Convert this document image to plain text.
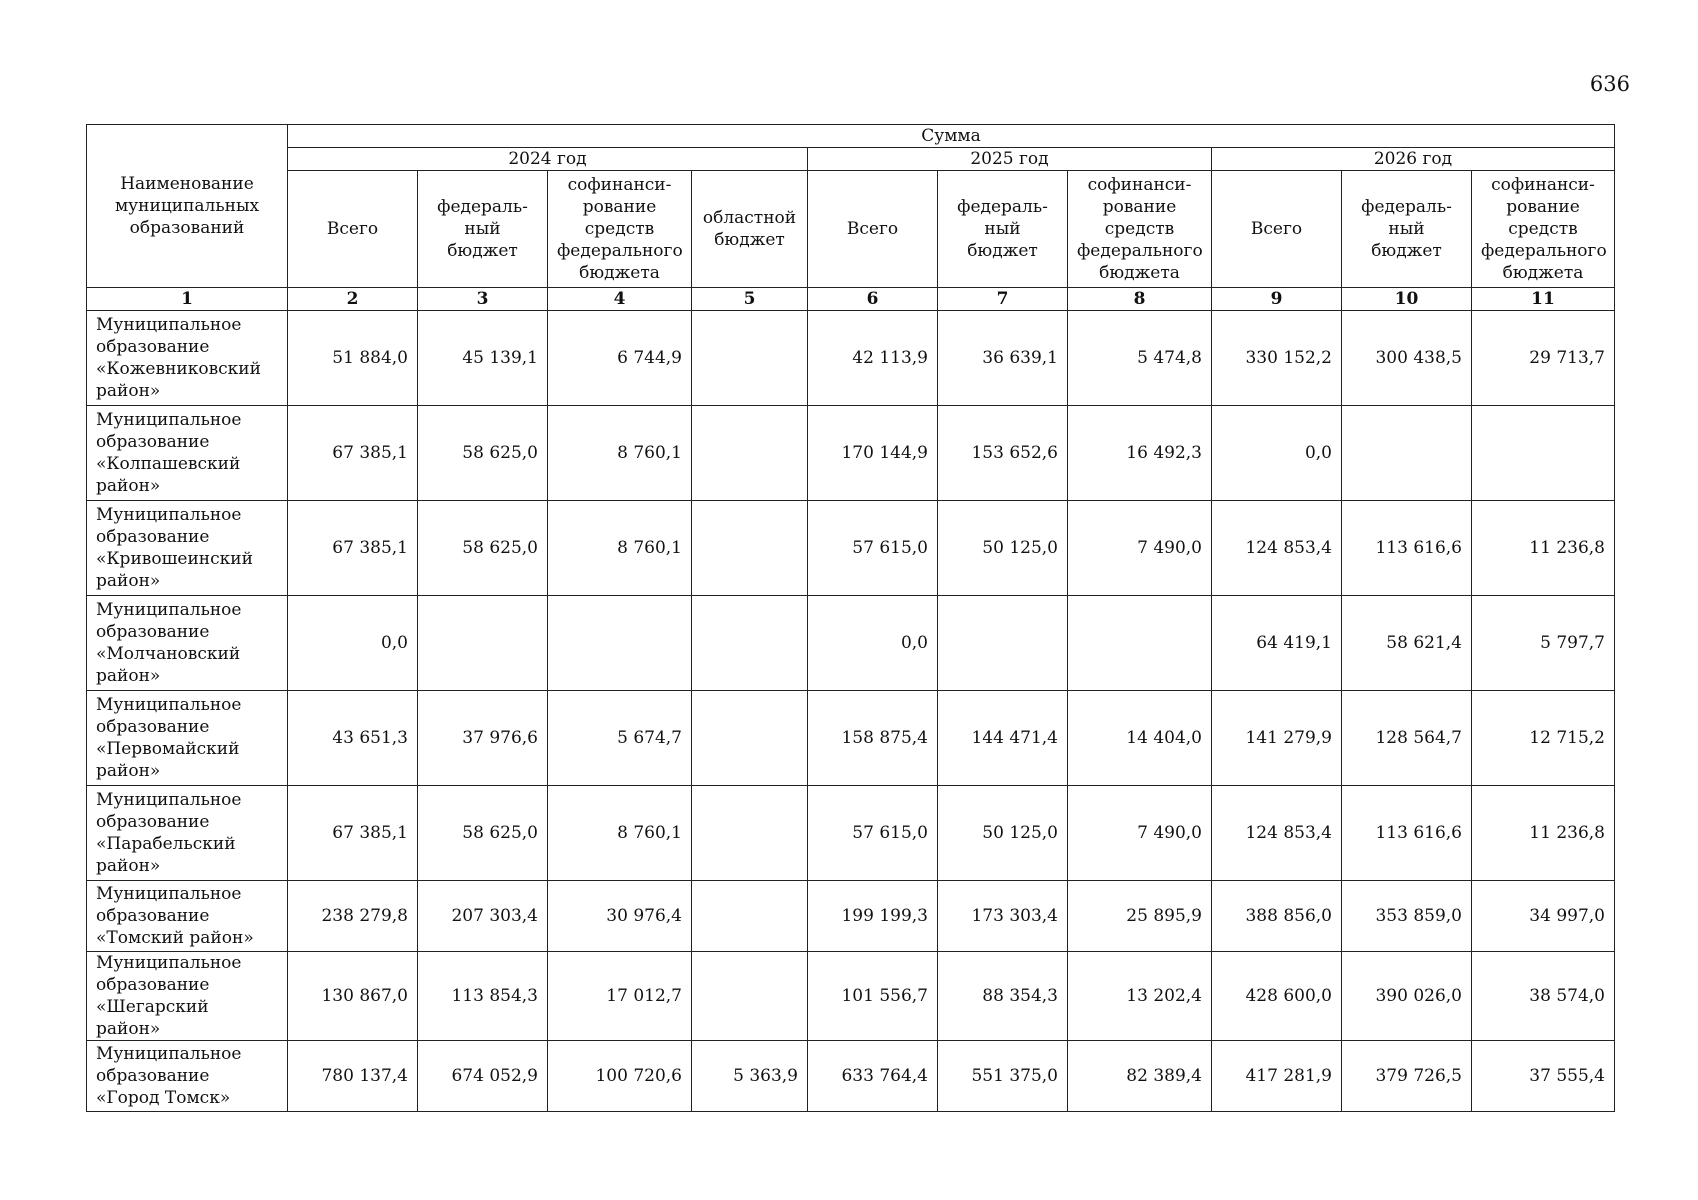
636
Наименование муниципальных образований	Сумма									
	2024 год				2025 год			2026 год		
	Всего	федераль-ный бюджет	софинанси-рование средств федерального бюджета	областной бюджет	Всего	федераль-ный бюджет	софинанси-рование средств федерального бюджета	Всего	федераль-ный бюджет	софинанси-рование средств федерального бюджета
1	2	3	4	5	6	7	8	9	10	11
Муниципальное образование «Кожевниковский район»	51 884,0	45 139,1	6 744,9		42 113,9	36 639,1	5 474,8	330 152,2	300 438,5	29 713,7
Муниципальное образование «Колпашевский район»	67 385,1	58 625,0	8 760,1		170 144,9	153 652,6	16 492,3	0,0		
Муниципальное образование «Кривошеинский район»	67 385,1	58 625,0	8 760,1		57 615,0	50 125,0	7 490,0	124 853,4	113 616,6	11 236,8
Муниципальное образование «Молчановский район»	0,0				0,0			64 419,1	58 621,4	5 797,7
Муниципальное образование «Первомайский район»	43 651,3	37 976,6	5 674,7		158 875,4	144 471,4	14 404,0	141 279,9	128 564,7	12 715,2
Муниципальное образование «Парабельский район»	67 385,1	58 625,0	8 760,1		57 615,0	50 125,0	7 490,0	124 853,4	113 616,6	11 236,8
Муниципальное образование «Томский район»	238 279,8	207 303,4	30 976,4		199 199,3	173 303,4	25 895,9	388 856,0	353 859,0	34 997,0
Муниципальное образование «Шегарский район»	130 867,0	113 854,3	17 012,7		101 556,7	88 354,3	13 202,4	428 600,0	390 026,0	38 574,0
Муниципальное образование «Город Томск»	780 137,4	674 052,9	100 720,6	5 363,9	633 764,4	551 375,0	82 389,4	417 281,9	379 726,5	37 555,4
